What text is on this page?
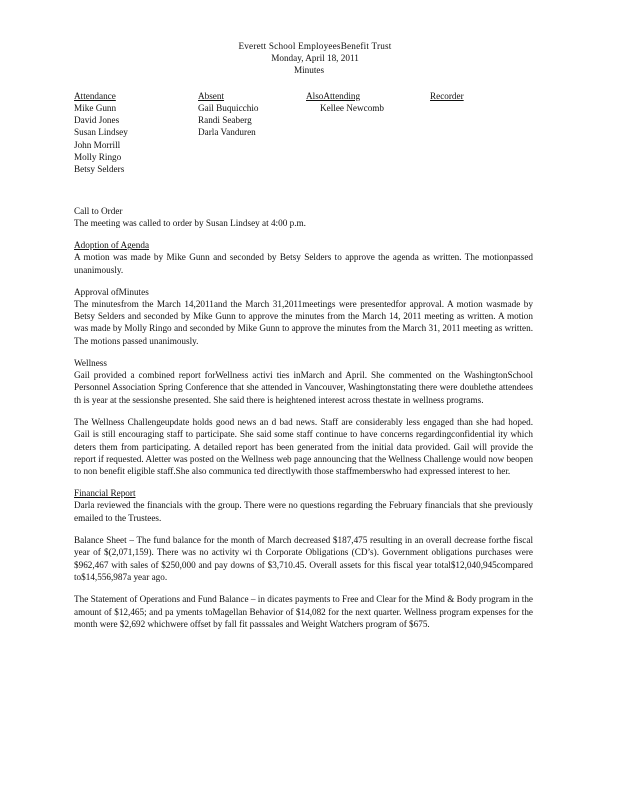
Everett School EmployeesBenefit Trust
Monday, April 18, 2011
Minutes
Attendance
Mike Gunn
David Jones
Susan Lindsey
John Morrill
Molly Ringo
Betsy Selders
Absent
Gail Buquicchio
Randi Seaberg
Darla Vanduren
AlsoAttending
Kellee Newcomb
Recorder
Call to Order
The meeting was called to order by Susan Lindsey at 4:00 p.m.
Adoption of Agenda
A motion was made by Mike Gunn and seconded by Betsy Selders to approve the agenda as written. The motionpassed unanimously.
Approval ofMinutes
The minutesfrom the March 14,2011and the March 31,2011meetings were presentedfor approval. A motion wasmade by Betsy Selders and seconded by Mike Gunn to approve the minutes from the March 14, 2011 meeting as written. A motion was made by Molly Ringo and seconded by Mike Gunn to approve the minutes from the March 31, 2011 meeting as written. The motions passed unanimously.
Wellness
Gail provided a combined report forWellness activi ties inMarch and April. She commented on the WashingtonSchool Personnel Association Spring Conference that she attended in Vancouver, Washingtonstating there were doublethe attendees th is year at the sessionshe presented. She said there is heightened interest across thestate in wellness programs.
The Wellness Challengeupdate holds good news an d bad news. Staff are considerably less engaged than she had hoped. Gail is still encouraging staff to participate. She said some staff continue to have concerns regardingconfidential ity which deters them from participating. A detailed report has been generated from the initial data provided. Gail will provide the report if requested. Aletter was posted on the Wellness web page announcing that the Wellness Challenge would now beopen to non benefit eligible staff.She also communica ted directlywith those staffmemberswho had expressed interest to her.
Financial Report
Darla reviewed the financials with the group. There were no questions regarding the February financials that she previously emailed to the Trustees.
Balance Sheet – The fund balance for the month of March decreased $187,475 resulting in an overall decrease forthe fiscal year of $(2,071,159). There was no activity wi th Corporate Obligations (CD’s). Government obligations purchases were $962,467 with sales of $250,000 and pay downs of $3,710.45. Overall assets for this fiscal year total$12,040,945compared to$14,556,987a year ago.
The Statement of Operations and Fund Balance – in dicates payments to Free and Clear for the Mind & Body program in the amount of $12,465; and pa yments toMagellan Behavior of $14,082 for the next quarter. Wellness program expenses for the month were $2,692 whichwere offset by fall fit passsales and Weight Watchers program of $675.
